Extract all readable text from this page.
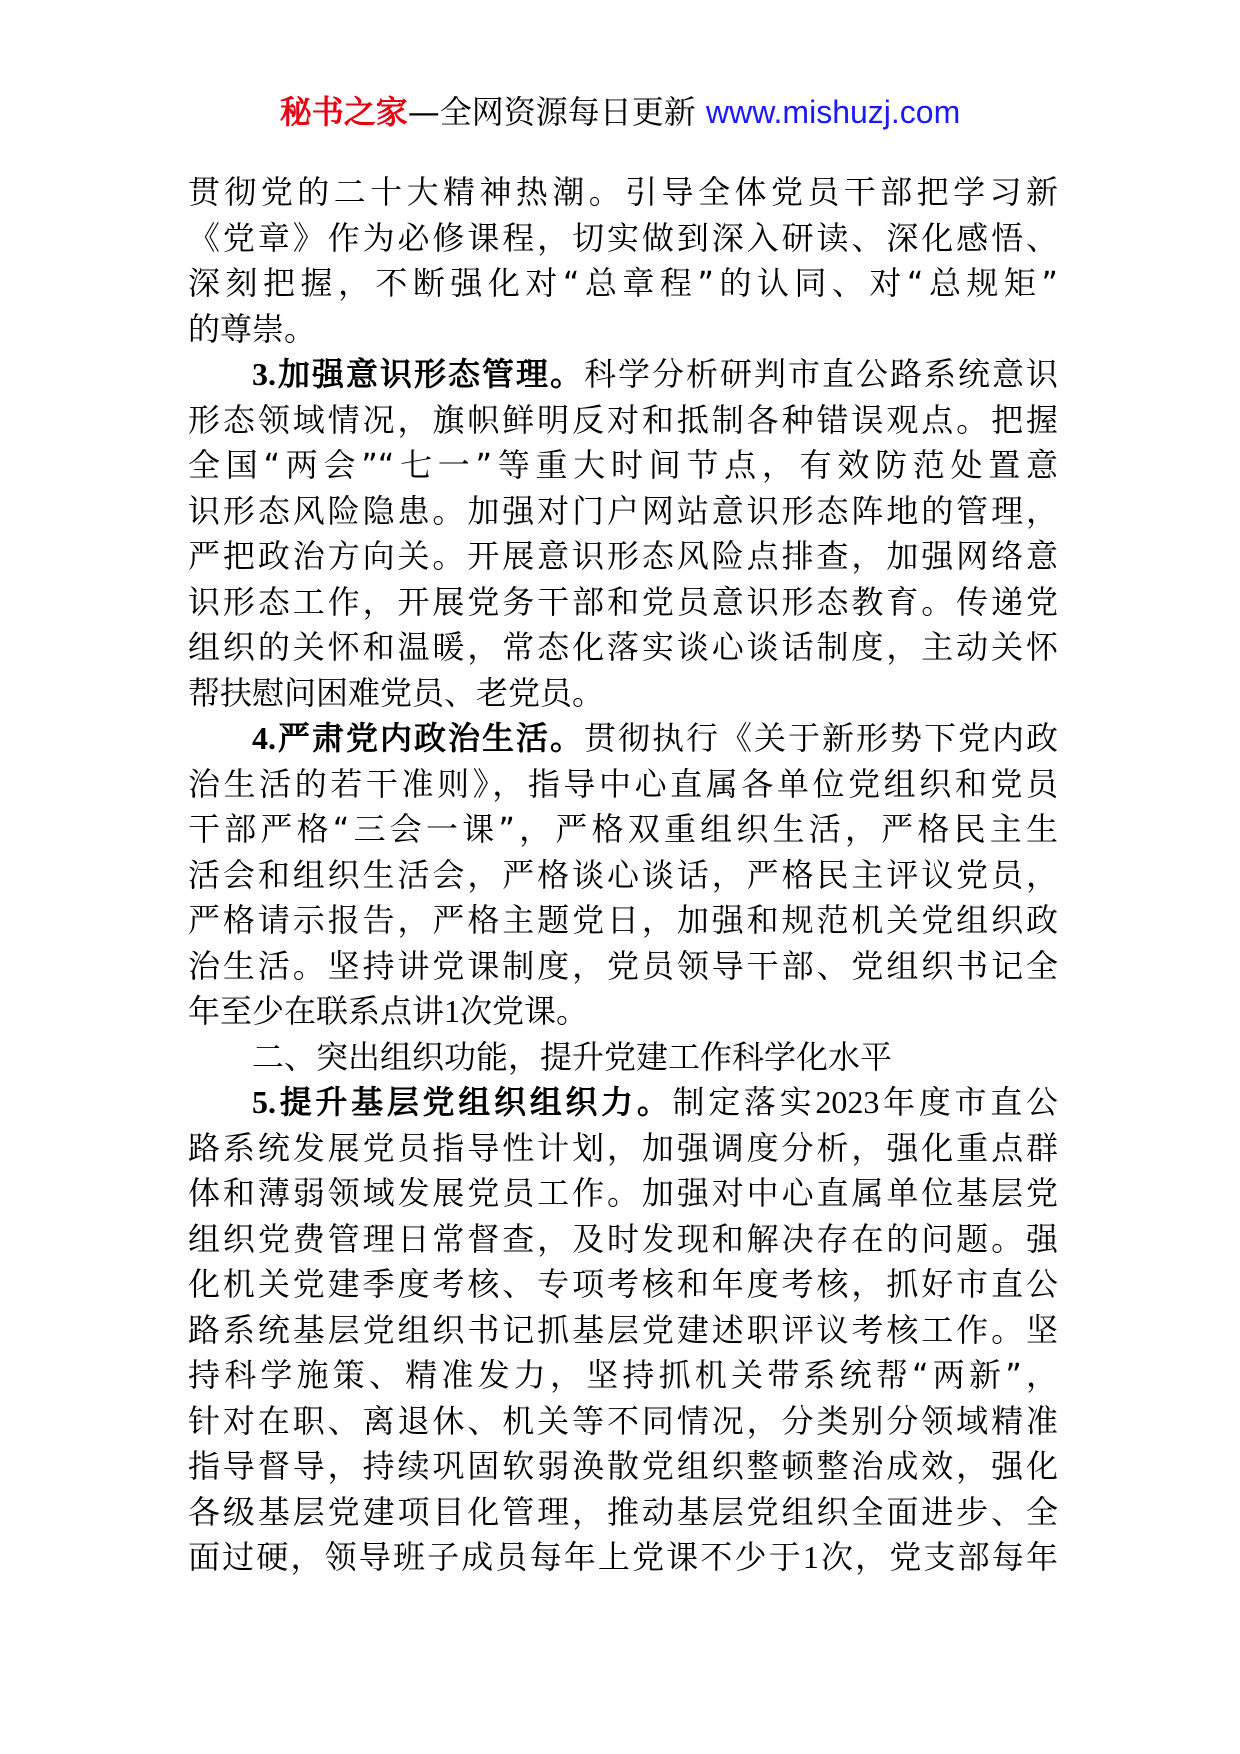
秘书之家—全网资源每日更新 www.mishuzj.com
贯彻党的二十大精神热潮。引导全体党员干部把学习新
《党章》作为必修课程，切实做到深入研读、深化感悟、
深刻把握，不断强化对“总章程”的认同、对“总规矩”
的尊崇。
3.加强意识形态管理。科学分析研判市直公路系统意识
形态领域情况，旗帜鲜明反对和抵制各种错误观点。把握
全国“两会”“七一”等重大时间节点，有效防范处置意
识形态风险隐患。加强对门户网站意识形态阵地的管理，
严把政治方向关。开展意识形态风险点排查，加强网络意
识形态工作，开展党务干部和党员意识形态教育。传递党
组织的关怀和温暖，常态化落实谈心谈话制度，主动关怀
帮扶慰问困难党员、老党员。
4.严肃党内政治生活。贯彻执行《关于新形势下党内政
治生活的若干准则》，指导中心直属各单位党组织和党员
干部严格“三会一课”，严格双重组织生活，严格民主生
活会和组织生活会，严格谈心谈话，严格民主评议党员，
严格请示报告，严格主题党日，加强和规范机关党组织政
治生活。坚持讲党课制度，党员领导干部、党组织书记全
年至少在联系点讲1次党课。
二、突出组织功能，提升党建工作科学化水平
5.提升基层党组织组织力。制定落实2023年度市直公
路系统发展党员指导性计划，加强调度分析，强化重点群
体和薄弱领域发展党员工作。加强对中心直属单位基层党
组织党费管理日常督查，及时发现和解决存在的问题。强
化机关党建季度考核、专项考核和年度考核，抓好市直公
路系统基层党组织书记抓基层党建述职评议考核工作。坚
持科学施策、精准发力，坚持抓机关带系统帮“两新”，
针对在职、离退休、机关等不同情况，分类别分领域精准
指导督导，持续巩固软弱涣散党组织整顿整治成效，强化
各级基层党建项目化管理，推动基层党组织全面进步、全
面过硬，领导班子成员每年上党课不少于1次，党支部每年
